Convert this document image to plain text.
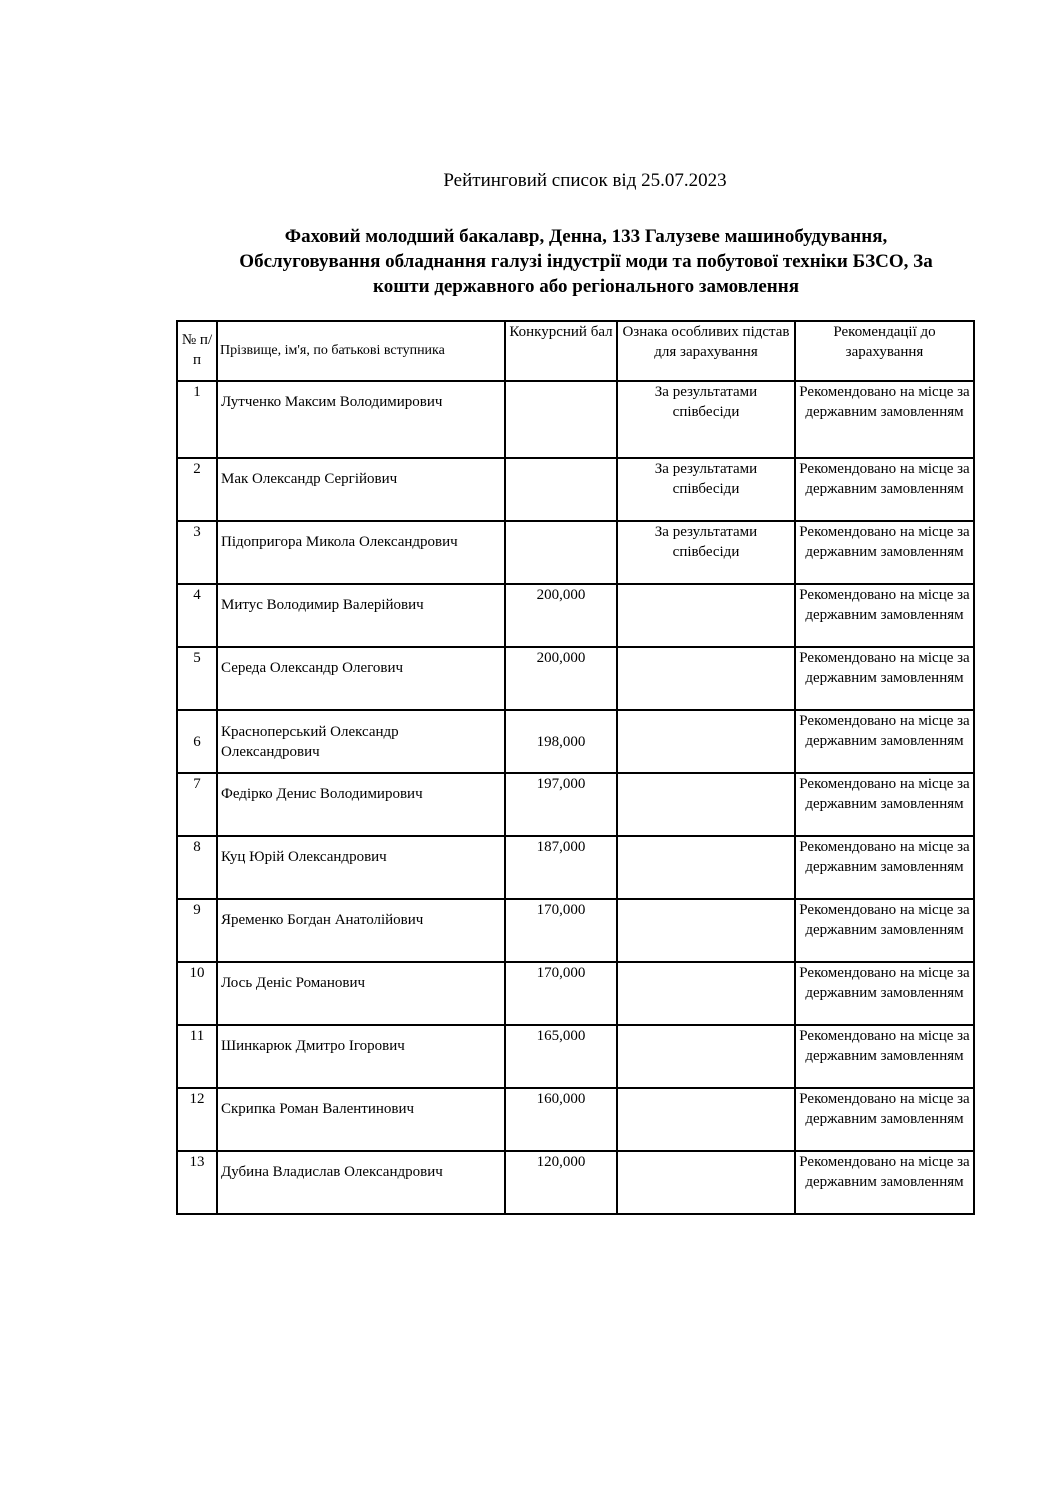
Рейтинговий список від 25.07.2023
Фаховий молодший бакалавр, Денна, 133 Галузеве машинобудування,
Обслуговування обладнання галузі індустрії моди та побутової техніки БЗСО, За
кошти державного або регіонального замовлення
№ п/п	Прізвище, ім'я, по батькові вступника	Конкурсний бал	Ознака особливих підстав для зарахування	Рекомендації до зарахування
1	Лутченко Максим Володимирович		За результатами співбесіди	Рекомендовано на місце за державним замовленням
2	Мак Олександр Сергійович		За результатами співбесіди	Рекомендовано на місце за державним замовленням
3	Підопригора Микола Олександрович		За результатами співбесіди	Рекомендовано на місце за державним замовленням
4	Митус Володимир Валерійович	200,000		Рекомендовано на місце за державним замовленням
5	Середа Олександр Олегович	200,000		Рекомендовано на місце за державним замовленням
6	Красноперський Олександр Олександрович	198,000		Рекомендовано на місце за державним замовленням
7	Федірко Денис Володимирович	197,000		Рекомендовано на місце за державним замовленням
8	Куц Юрій Олександрович	187,000		Рекомендовано на місце за державним замовленням
9	Яременко Богдан Анатолійович	170,000		Рекомендовано на місце за державним замовленням
10	Лось Деніс Романович	170,000		Рекомендовано на місце за державним замовленням
11	Шинкарюк Дмитро Ігорович	165,000		Рекомендовано на місце за державним замовленням
12	Скрипка Роман Валентинович	160,000		Рекомендовано на місце за державним замовленням
13	Дубина Владислав Олександрович	120,000		Рекомендовано на місце за державним замовленням
